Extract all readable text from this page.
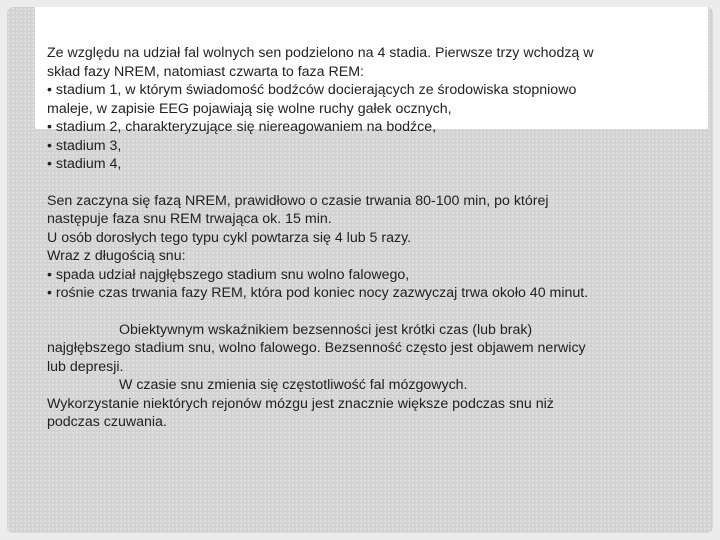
Ze względu na udział fal wolnych sen podzielono na 4 stadia. Pierwsze trzy wchodzą w

skład fazy NREM, natomiast czwarta to faza REM:

• stadium 1, w którym świadomość bodźców docierających ze środowiska stopniowo

maleje, w zapisie EEG pojawiają się wolne ruchy gałek ocznych,

• stadium 2, charakteryzujące się niereagowaniem na bodźce,

• stadium 3,

• stadium 4,

Sen zaczyna się fazą NREM, prawidłowo o czasie trwania 80-100 min, po której

następuje faza snu REM trwająca ok. 15 min.

U osób dorosłych tego typu cykl powtarza się 4 lub 5 razy.

Wraz z długością snu:

• spada udział najgłębszego stadium snu wolno falowego,

• rośnie czas trwania fazy REM, która pod koniec nocy zazwyczaj trwa około 40 minut.

Obiektywnym wskaźnikiem bezsenności jest krótki czas (lub brak)

najgłębszego stadium snu, wolno falowego. Bezsenność często jest objawem nerwicy

lub depresji.

W czasie snu zmienia się częstotliwość fal mózgowych.

Wykorzystanie niektórych rejonów mózgu jest znacznie większe podczas snu niż

podczas czuwania.
